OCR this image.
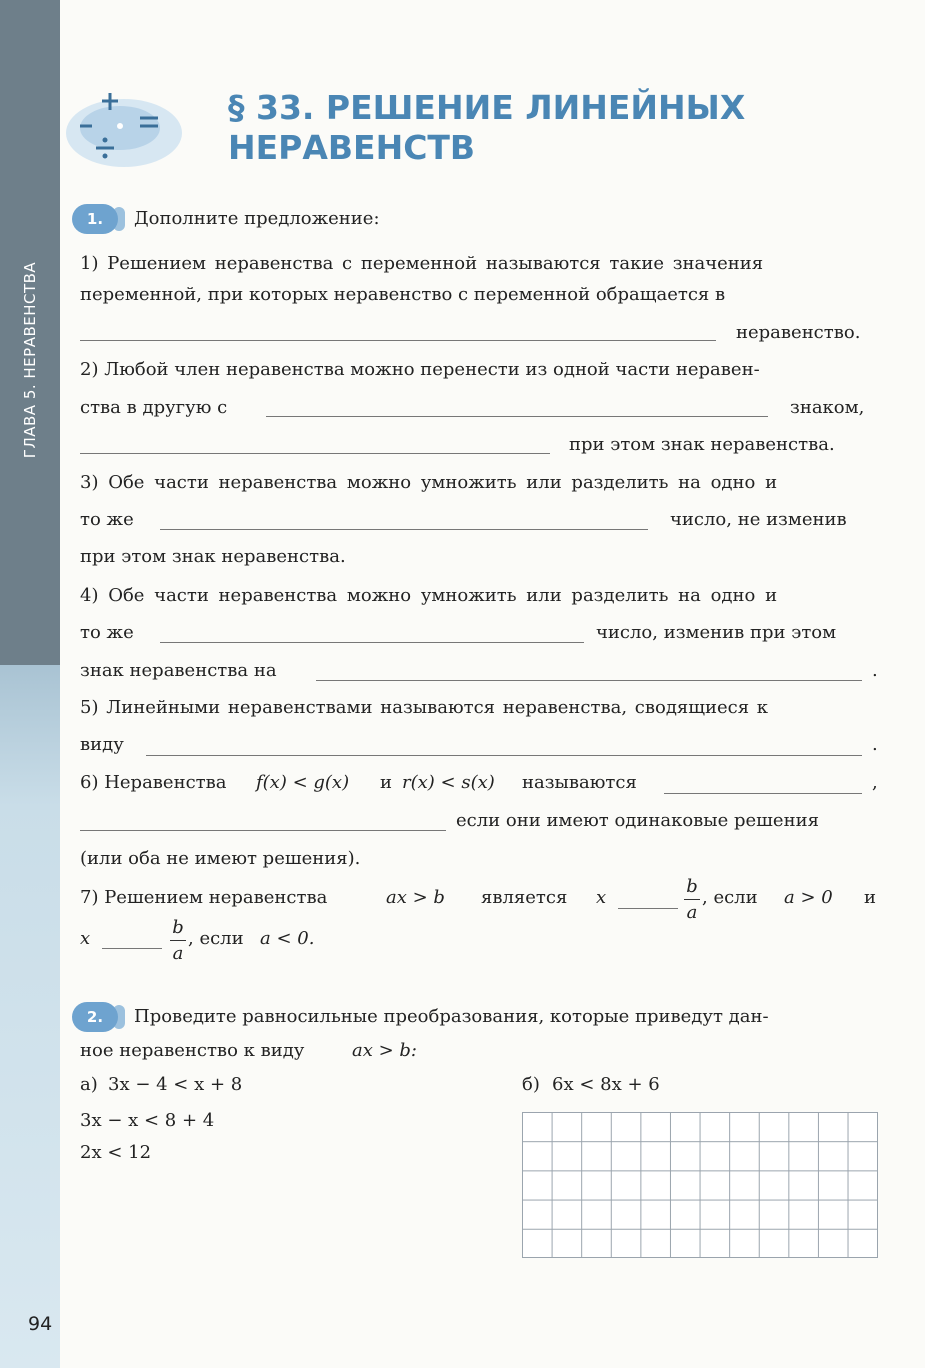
ГЛАВА 5. НЕРАВЕНСТВА
94
§ 33. РЕШЕНИЕ ЛИНЕЙНЫХ
НЕРАВЕНСТВ
1.	Дополните предложение:
1) Решением неравенства с переменной называются такие значения
переменной, при которых неравенство с переменной обращается в
неравенство.
2) Любой член неравенства можно перенести из одной части неравен-
ства в другую с	знаком,
при этом знак неравенства.
3) Обе части неравенства можно умножить или разделить на одно и
то же	число, не изменив
при этом знак неравенства.
4) Обе части неравенства можно умножить или разделить на одно и
то же	число, изменив при этом
знак неравенства на	.
5) Линейными неравенствами называются неравенства, сводящиеся к
виду	.
6) Неравенства f(x) < g(x) и r(x) < s(x) называются	,
если они имеют одинаковые решения
(или оба не имеют решения).
7) Решением неравенства	ax > b является x
b
a
, если a > 0 и
x
b
a
, если a < 0.
2.	Проведите равносильные преобразования, которые приведут дан-
ное неравенство к виду	ax > b:
а) 3x − 4 < x + 8
3x − x < 8 + 4
2x < 12
б) 6x < 8x + 6
